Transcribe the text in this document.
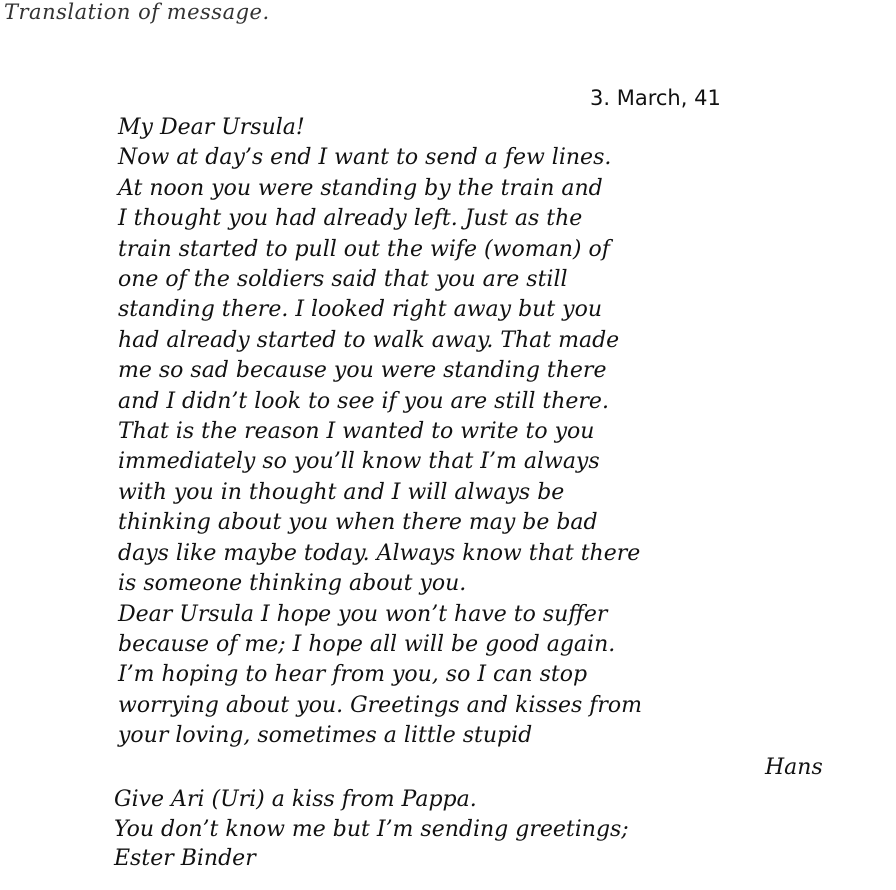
Translation of message.
3. March, 41
My Dear Ursula!
Now at day’s end I want to send a few lines.
At noon you were standing by the train and
I thought you had already left. Just as the
train started to pull out the wife (woman) of
one of the soldiers said that you are still
standing there. I looked right away but you
had already started to walk away. That made
me so sad because you were standing there
and I didn’t look to see if you are still there.
That is the reason I wanted to write to you
immediately so you’ll know that I’m always
with you in thought and I will always be
thinking about you when there may be bad
days like maybe today. Always know that there
is someone thinking about you.
Dear Ursula I hope you won’t have to suffer
because of me; I hope all will be good again.
I’m hoping to hear from you, so I can stop
worrying about you. Greetings and kisses from
your loving, sometimes a little stupid
Hans
Give Ari (Uri) a kiss from Pappa.
You don’t know me but I’m sending greetings;
Ester Binder
